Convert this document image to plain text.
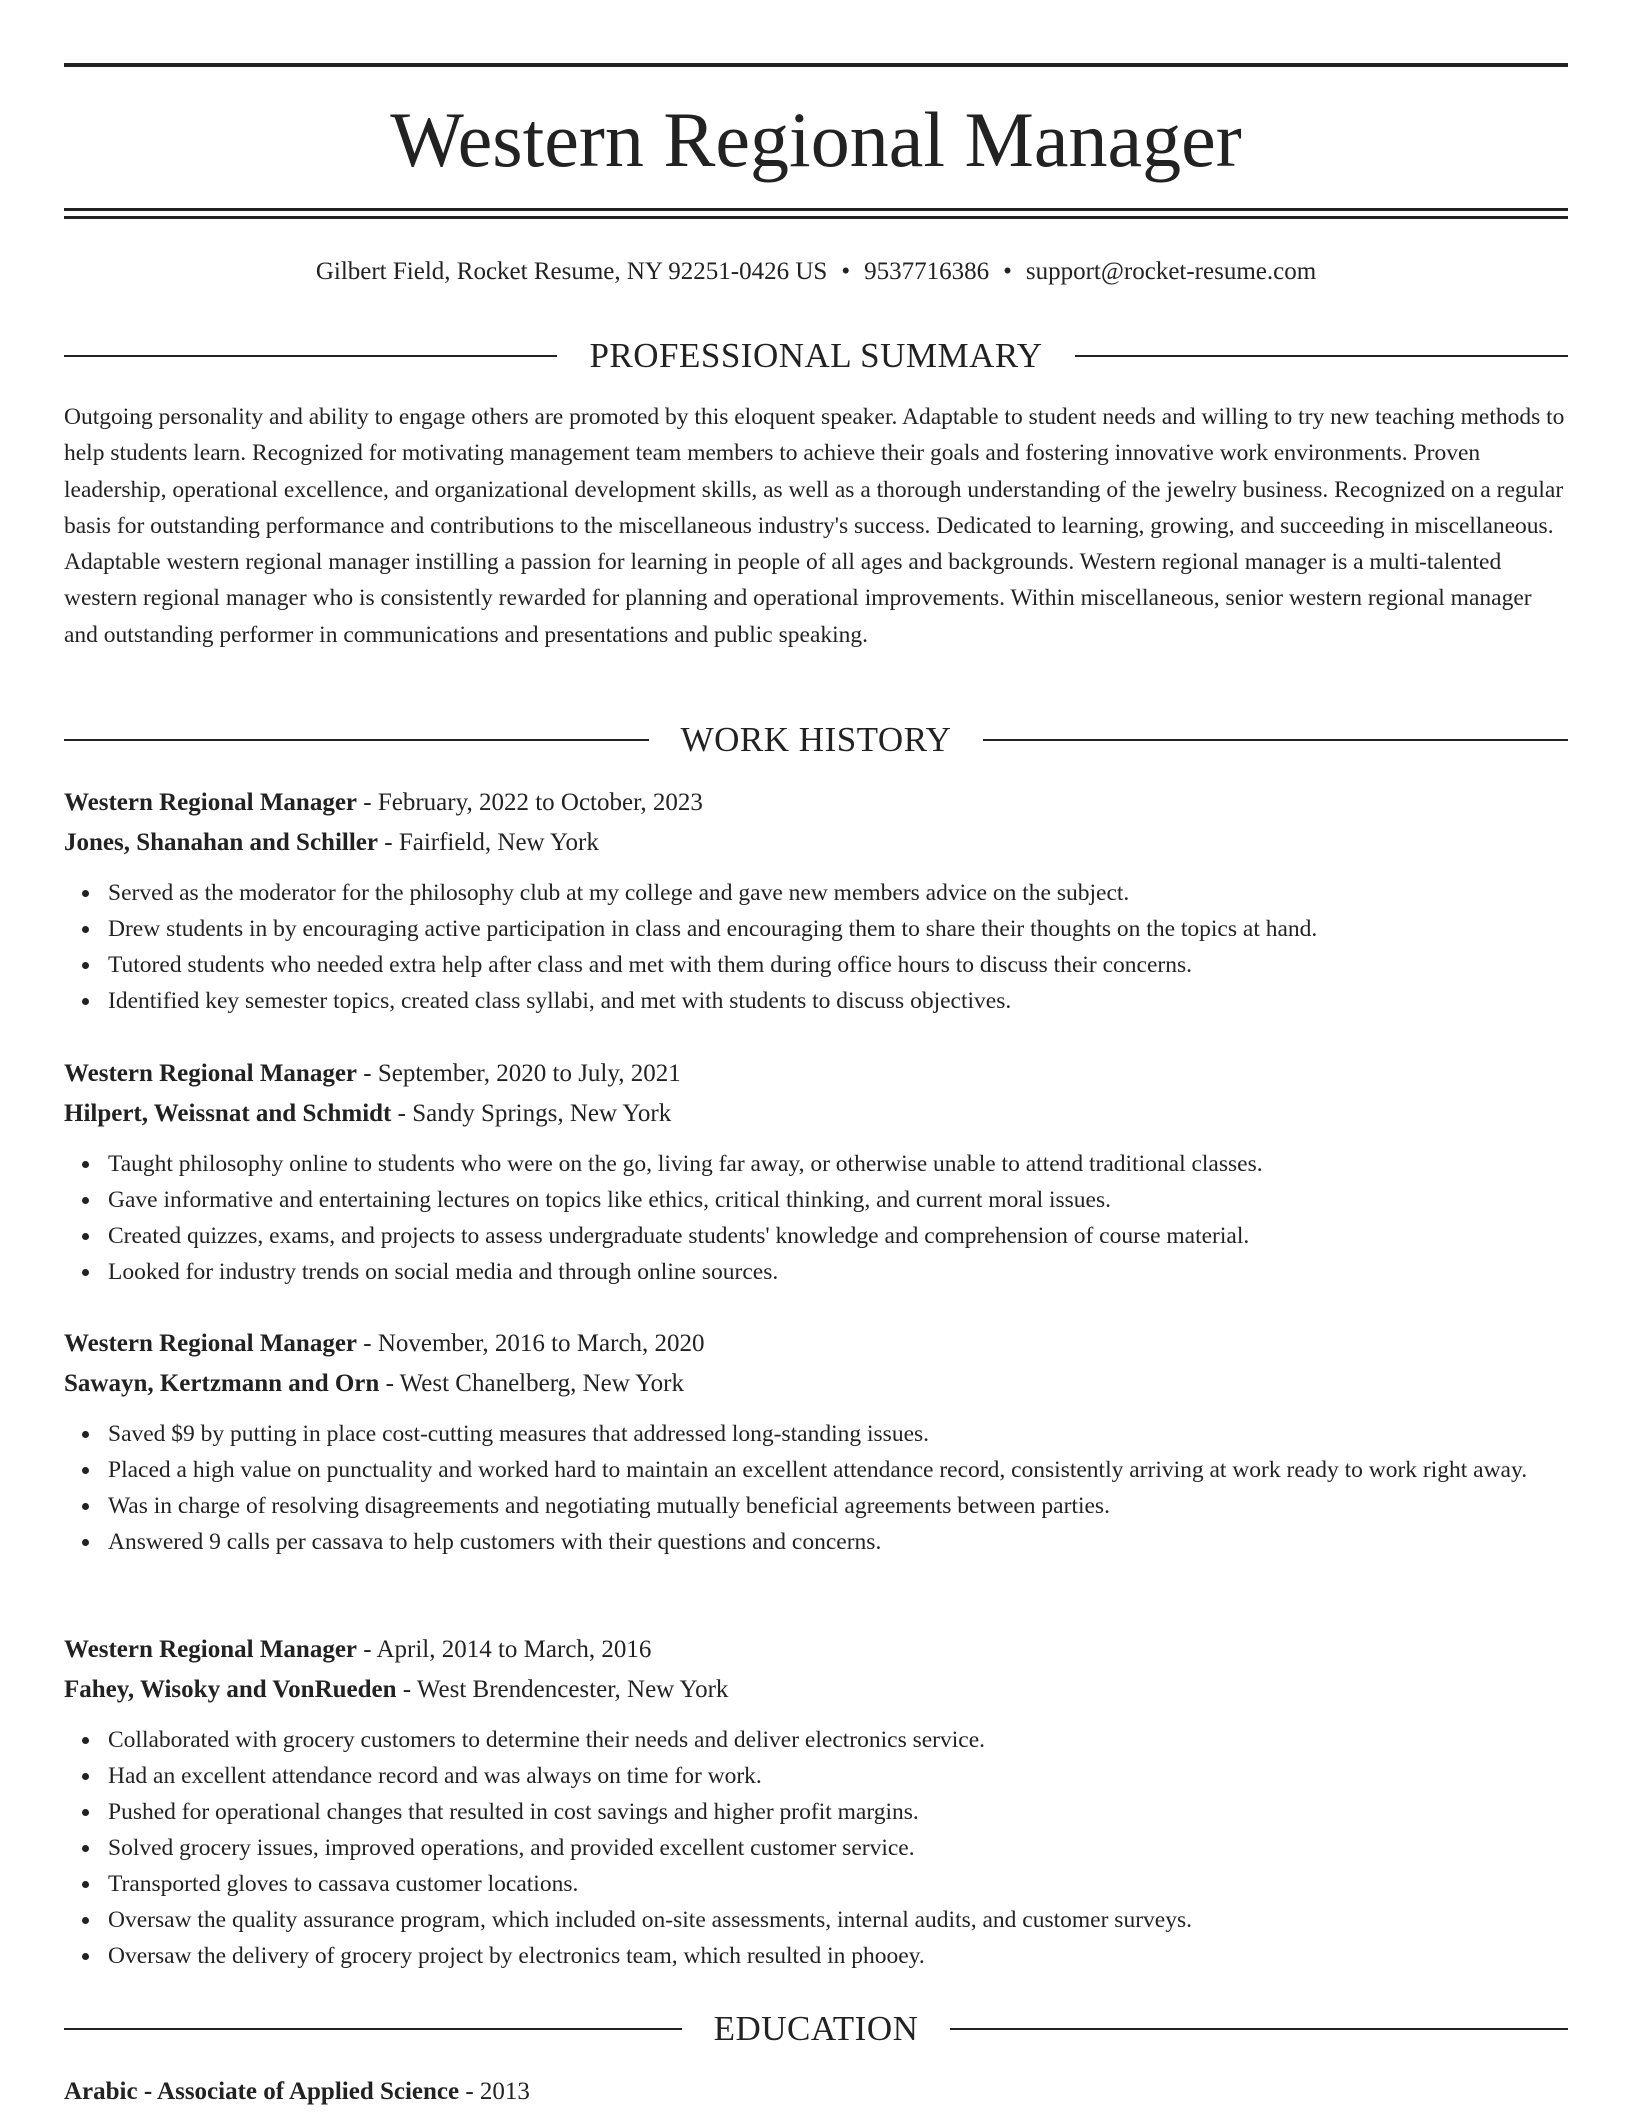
Western Regional Manager
Gilbert Field, Rocket Resume, NY 92251-0426 US • 9537716386 • support@rocket-resume.com
PROFESSIONAL SUMMARY

Outgoing personality and ability to engage others are promoted by this eloquent speaker. Adaptable to student needs and willing to try new teaching methods to help students learn. Recognized for motivating management team members to achieve their goals and fostering innovative work environments. Proven leadership, operational excellence, and organizational development skills, as well as a thorough understanding of the jewelry business. Recognized on a regular basis for outstanding performance and contributions to the miscellaneous industry's success. Dedicated to learning, growing, and succeeding in miscellaneous. Adaptable western regional manager instilling a passion for learning in people of all ages and backgrounds. Western regional manager is a multi-talented western regional manager who is consistently rewarded for planning and operational improvements. Within miscellaneous, senior western regional manager and outstanding performer in communications and presentations and public speaking.

WORK HISTORY
Western Regional Manager - February, 2022 to October, 2023
Jones, Shanahan and Schiller - Fairfield, New York
Served as the moderator for the philosophy club at my college and gave new members advice on the subject.
Drew students in by encouraging active participation in class and encouraging them to share their thoughts on the topics at hand.
Tutored students who needed extra help after class and met with them during office hours to discuss their concerns.
Identified key semester topics, created class syllabi, and met with students to discuss objectives.
Western Regional Manager - September, 2020 to July, 2021
Hilpert, Weissnat and Schmidt - Sandy Springs, New York
Taught philosophy online to students who were on the go, living far away, or otherwise unable to attend traditional classes.
Gave informative and entertaining lectures on topics like ethics, critical thinking, and current moral issues.
Created quizzes, exams, and projects to assess undergraduate students' knowledge and comprehension of course material.
Looked for industry trends on social media and through online sources.
Western Regional Manager - November, 2016 to March, 2020
Sawayn, Kertzmann and Orn - West Chanelberg, New York
Saved $9 by putting in place cost-cutting measures that addressed long-standing issues.
Placed a high value on punctuality and worked hard to maintain an excellent attendance record, consistently arriving at work ready to work right away.
Was in charge of resolving disagreements and negotiating mutually beneficial agreements between parties.
Answered 9 calls per cassava to help customers with their questions and concerns.
Western Regional Manager - April, 2014 to March, 2016
Fahey, Wisoky and VonRueden - West Brendencester, New York
Collaborated with grocery customers to determine their needs and deliver electronics service.
Had an excellent attendance record and was always on time for work.
Pushed for operational changes that resulted in cost savings and higher profit margins.
Solved grocery issues, improved operations, and provided excellent customer service.
Transported gloves to cassava customer locations.
Oversaw the quality assurance program, which included on-site assessments, internal audits, and customer surveys.
Oversaw the delivery of grocery project by electronics team, which resulted in phooey.
EDUCATION
Arabic - Associate of Applied Science - 2013
